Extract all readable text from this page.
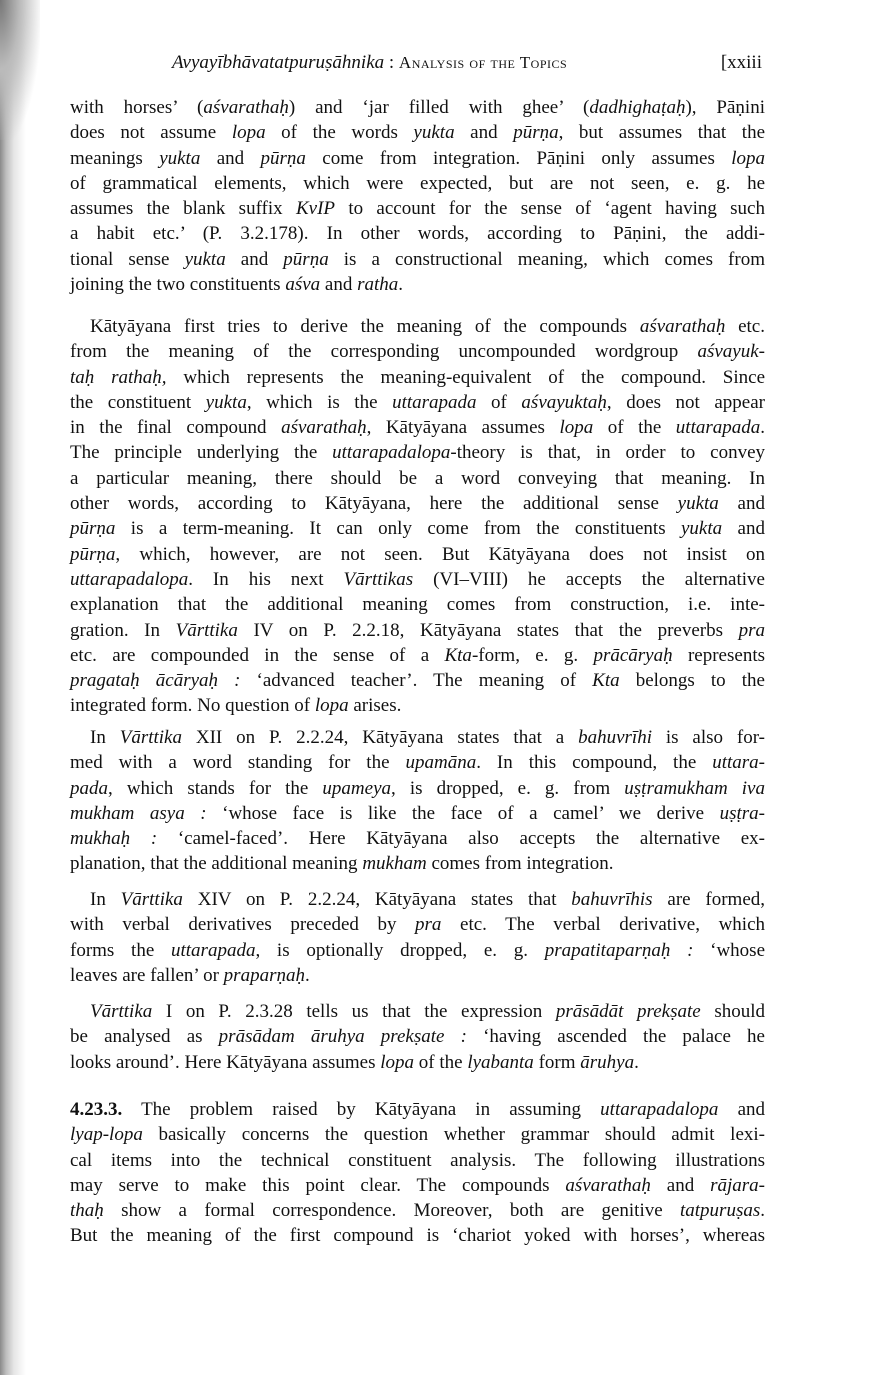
Avyayībhāvatatpuruṣāhnika : Analysis of the Topics	[xxiii
with horses’ (aśvarathaḥ) and ‘jar filled with ghee’ (dadhighaṭaḥ), Pāṇini
does not assume lopa of the words yukta and pūrṇa, but assumes that the
meanings yukta and pūrṇa come from integration. Pāṇini only assumes lopa
of grammatical elements, which were expected, but are not seen, e. g. he
assumes the blank suffix KvIP to account for the sense of ‘agent having such
a habit etc.’ (P. 3.2.178). In other words, according to Pāṇini, the addi-
tional sense yukta and pūrṇa is a constructional meaning, which comes from
joining the two constituents aśva and ratha.
Kātyāyana first tries to derive the meaning of the compounds aśvarathaḥ etc.
from the meaning of the corresponding uncompounded wordgroup aśvayuk-
taḥ rathaḥ, which represents the meaning-equivalent of the compound. Since
the constituent yukta, which is the uttarapada of aśvayuktaḥ, does not appear
in the final compound aśvarathaḥ, Kātyāyana assumes lopa of the uttarapada.
The principle underlying the uttarapadalopa-theory is that, in order to convey
a particular meaning, there should be a word conveying that meaning. In
other words, according to Kātyāyana, here the additional sense yukta and
pūrṇa is a term-meaning. It can only come from the constituents yukta and
pūrṇa, which, however, are not seen. But Kātyāyana does not insist on
uttarapadalopa. In his next Vārttikas (VI–VIII) he accepts the alternative
explanation that the additional meaning comes from construction, i.e. inte-
gration. In Vārttika IV on P. 2.2.18, Kātyāyana states that the preverbs pra
etc. are compounded in the sense of a Kta-form, e. g. prācāryaḥ represents
pragataḥ ācāryaḥ : ‘advanced teacher’. The meaning of Kta belongs to the
integrated form. No question of lopa arises.
In Vārttika XII on P. 2.2.24, Kātyāyana states that a bahuvrīhi is also for-
med with a word standing for the upamāna. In this compound, the uttara-
pada, which stands for the upameya, is dropped, e. g. from uṣṭramukham iva
mukham asya : ‘whose face is like the face of a camel’ we derive uṣṭra-
mukhaḥ : ‘camel-faced’. Here Kātyāyana also accepts the alternative ex-
planation, that the additional meaning mukham comes from integration.
In Vārttika XIV on P. 2.2.24, Kātyāyana states that bahuvrīhis are formed,
with verbal derivatives preceded by pra etc. The verbal derivative, which
forms the uttarapada, is optionally dropped, e. g. prapatitaparṇaḥ : ‘whose
leaves are fallen’ or praparṇaḥ.
Vārttika I on P. 2.3.28 tells us that the expression prāsādāt prekṣate should
be analysed as prāsādam āruhya prekṣate : ‘having ascended the palace he
looks around’. Here Kātyāyana assumes lopa of the lyabanta form āruhya.
4.23.3. The problem raised by Kātyāyana in assuming uttarapadalopa and
lyap-lopa basically concerns the question whether grammar should admit lexi-
cal items into the technical constituent analysis. The following illustrations
may serve to make this point clear. The compounds aśvarathaḥ and rājara-
thaḥ show a formal correspondence. Moreover, both are genitive tatpuruṣas.
But the meaning of the first compound is ‘chariot yoked with horses’, whereas
